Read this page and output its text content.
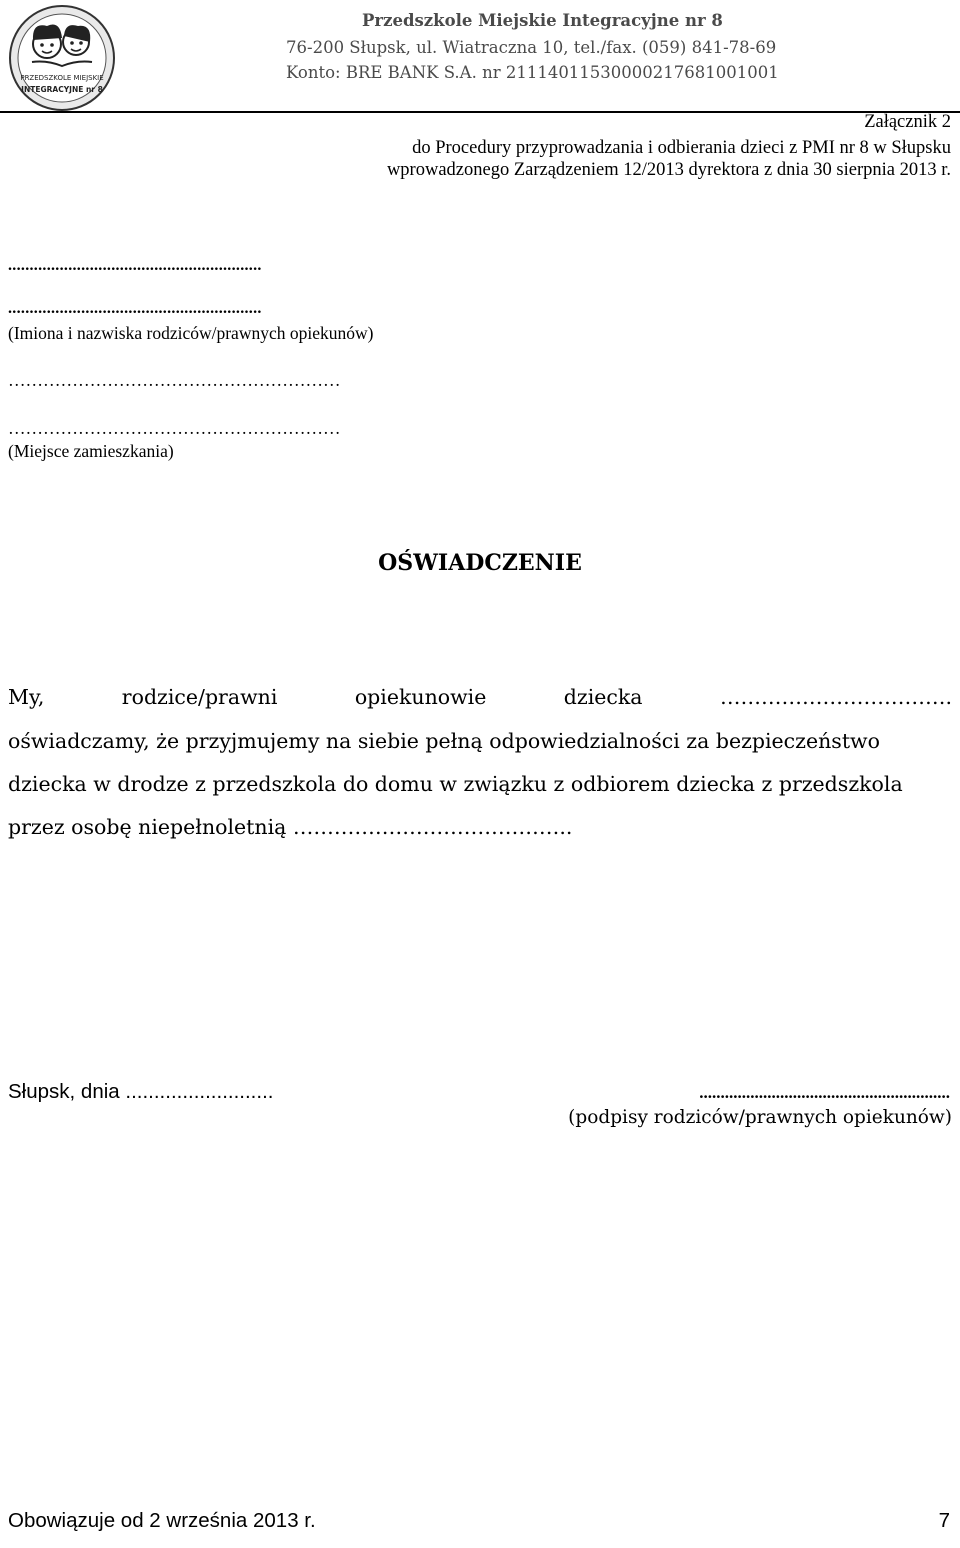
PRZEDSZKOLE MIEJSKIE
INTEGRACYJNE nr 8
Przedszkole Miejskie Integracyjne nr 8
76-200 Słupsk, ul. Wiatraczna 10, tel./fax. (059) 841-78-69
Konto: BRE BANK S.A. nr 21114011530000217681001001
Załącznik 2
do Procedury przyprowadzania i odbierania dzieci z PMI nr 8 w Słupsku
wprowadzonego Zarządzeniem 12/2013 dyrektora z dnia 30 sierpnia 2013 r.
...........................................................
...........................................................
(Imiona i nazwiska rodziców/prawnych opiekunów)
…………………………………………………
…………………………………………………
(Miejsce zamieszkania)
OŚWIADCZENIE
My,	rodzice/prawni	opiekunowie	dziecka	…………………………….
oświadczamy, że przyjmujemy na siebie pełną odpowiedzialności za bezpieczeństwo
dziecka w drodze z przedszkola do domu w związku z odbiorem dziecka z przedszkola
przez osobę niepełnoletnią …………………………………..
Słupsk, dnia ..........................	...........................................................
(podpisy rodziców/prawnych opiekunów)
Obowiązuje od 2 września 2013 r.	7
